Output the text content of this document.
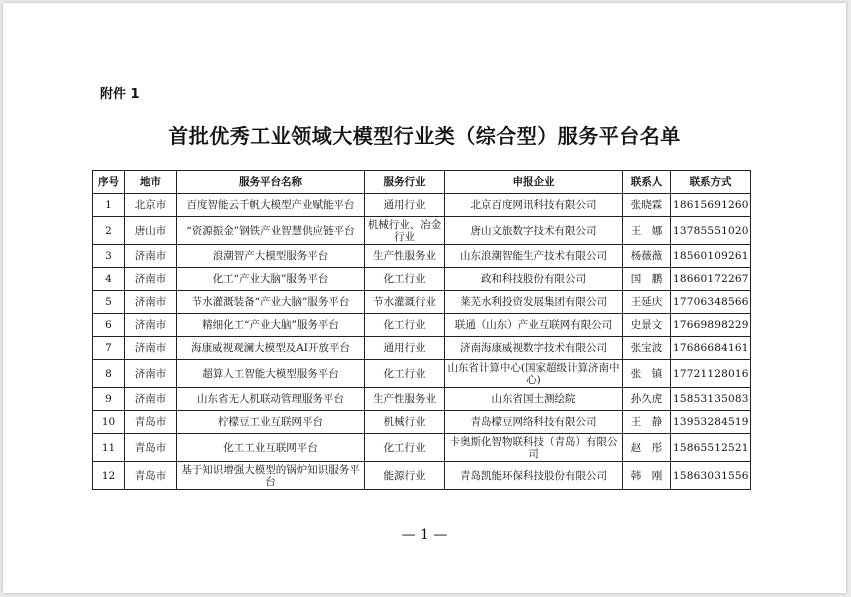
附件 1
首批优秀工业领域大模型行业类（综合型）服务平台名单
序号	地市	服务平台名称	服务行业	申报企业	联系人	联系方式
1	北京市	百度智能云千帆大模型产业赋能平台	通用行业	北京百度网讯科技有限公司	张晓霖	18615691260
2	唐山市	“资源振金”钢铁产业智慧供应链平台	机械行业、冶金行业	唐山文旅数字技术有限公司	王　娜	13785551020
3	济南市	浪潮智产大模型服务平台	生产性服务业	山东浪潮智能生产技术有限公司	杨薇薇	18560109261
4	济南市	化工“产业大脑”服务平台	化工行业	政和科技股份有限公司	国　鹏	18660172267
5	济南市	节水灌溉装备“产业大脑”服务平台	节水灌溉行业	莱芜水利投资发展集团有限公司	王延庆	17706348566
6	济南市	精细化工“产业大脑”服务平台	化工行业	联通（山东）产业互联网有限公司	史景文	17669898229
7	济南市	海康威视观澜大模型及AI开放平台	通用行业	济南海康威视数字技术有限公司	张宝波	17686684161
8	济南市	超算人工智能大模型服务平台	化工行业	山东省计算中心(国家超级计算济南中心)	张　镇	17721128016
9	济南市	山东省无人机联动管理服务平台	生产性服务业	山东省国土测绘院	孙久虎	15853135083
10	青岛市	柠檬豆工业互联网平台	机械行业	青岛檬豆网络科技有限公司	王　静	13953284519
11	青岛市	化工工业互联网平台	化工行业	卡奥斯化智物联科技（青岛）有限公司	赵　彤	15865512521
12	青岛市	基于知识增强大模型的锅炉知识服务平台	能源行业	青岛凯能环保科技股份有限公司	韩　刚	15863031556
— 1 —
